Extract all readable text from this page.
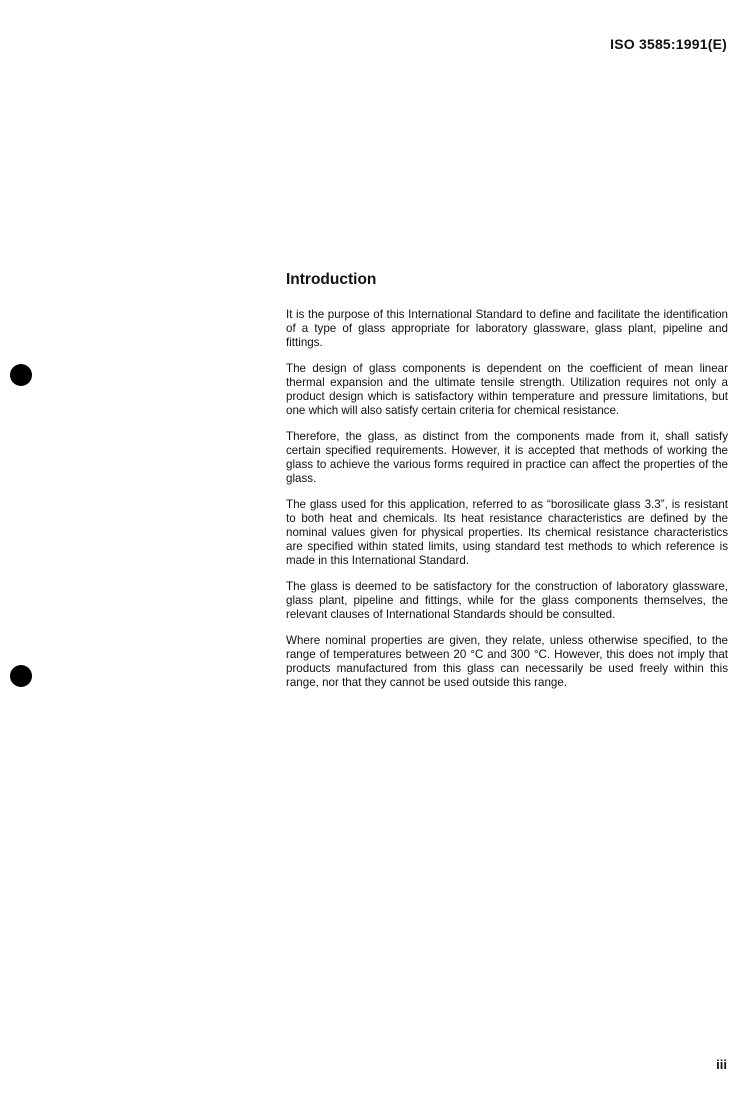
ISO 3585:1991(E)
Introduction

It is the purpose of this International Standard to define and facilitate the identification of a type of glass appropriate for laboratory glassware, glass plant, pipeline and fittings.

The design of glass components is dependent on the coefficient of mean linear thermal expansion and the ultimate tensile strength. Utilization requires not only a product design which is satisfactory within temperature and pressure limitations, but one which will also satisfy certain criteria for chemical resistance.

Therefore, the glass, as distinct from the components made from it, shall satisfy certain specified requirements. However, it is accepted that methods of working the glass to achieve the various forms required in practice can affect the properties of the glass.

The glass used for this application, referred to as “borosilicate glass 3.3”, is resistant to both heat and chemicals. Its heat resistance characteristics are defined by the nominal values given for physical properties. Its chemical resistance characteristics are specified within stated limits, using standard test methods to which reference is made in this International Standard.

The glass is deemed to be satisfactory for the construction of laboratory glassware, glass plant, pipeline and fittings, while for the glass components themselves, the relevant clauses of International Standards should be consulted.

Where nominal properties are given, they relate, unless otherwise specified, to the range of temperatures between 20 °C and 300 °C. However, this does not imply that products manufactured from this glass can necessarily be used freely within this range, nor that they cannot be used outside this range.

iii
